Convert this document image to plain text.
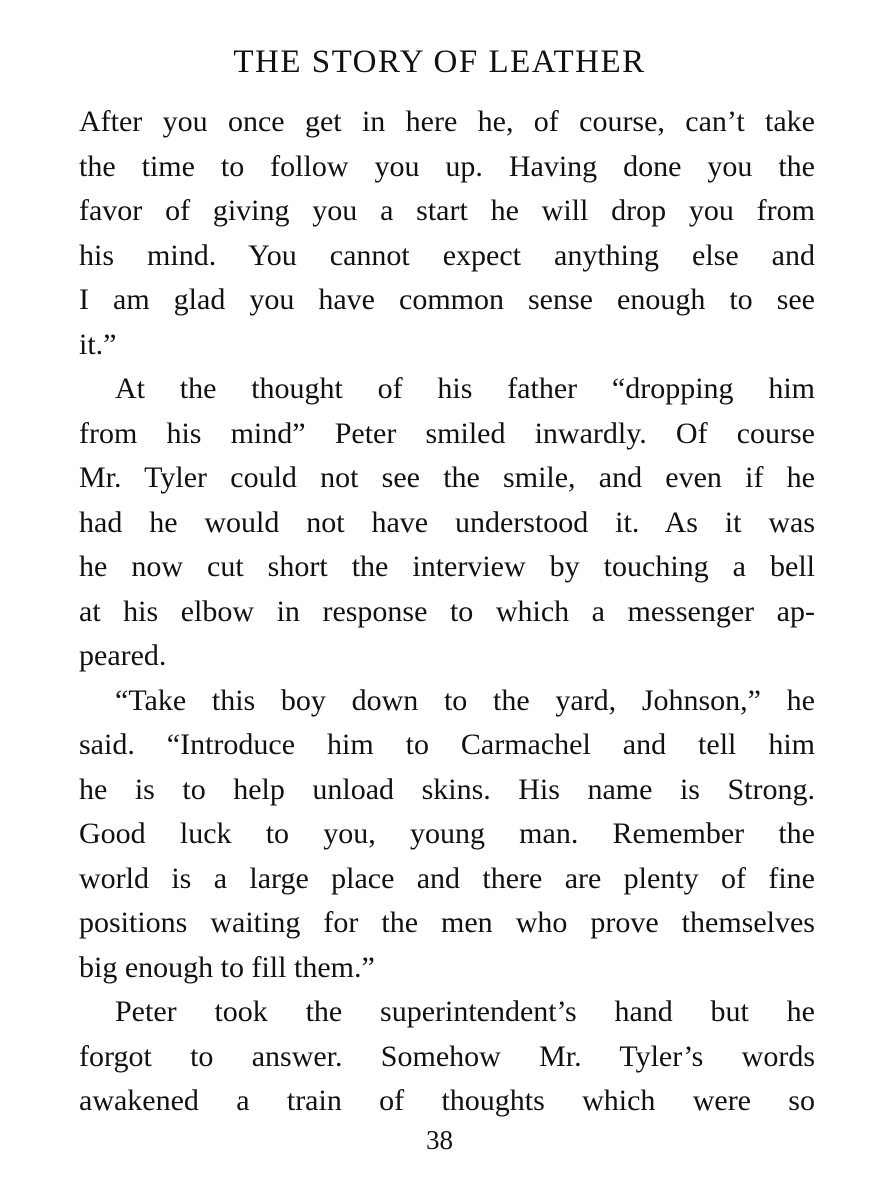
THE STORY OF LEATHER
After you once get in here he, of course, can’t take
the time to follow you up. Having done you the
favor of giving you a start he will drop you from
his mind. You cannot expect anything else and
I am glad you have common sense enough to see
it.”
At the thought of his father “dropping him
from his mind” Peter smiled inwardly. Of course
Mr. Tyler could not see the smile, and even if he
had he would not have understood it. As it was
he now cut short the interview by touching a bell
at his elbow in response to which a messenger ap-
peared.
“Take this boy down to the yard, Johnson,” he
said. “Introduce him to Carmachel and tell him
he is to help unload skins. His name is Strong.
Good luck to you, young man. Remember the
world is a large place and there are plenty of fine
positions waiting for the men who prove themselves
big enough to fill them.”
Peter took the superintendent’s hand but he
forgot to answer. Somehow Mr. Tyler’s words
awakened a train of thoughts which were so
38
